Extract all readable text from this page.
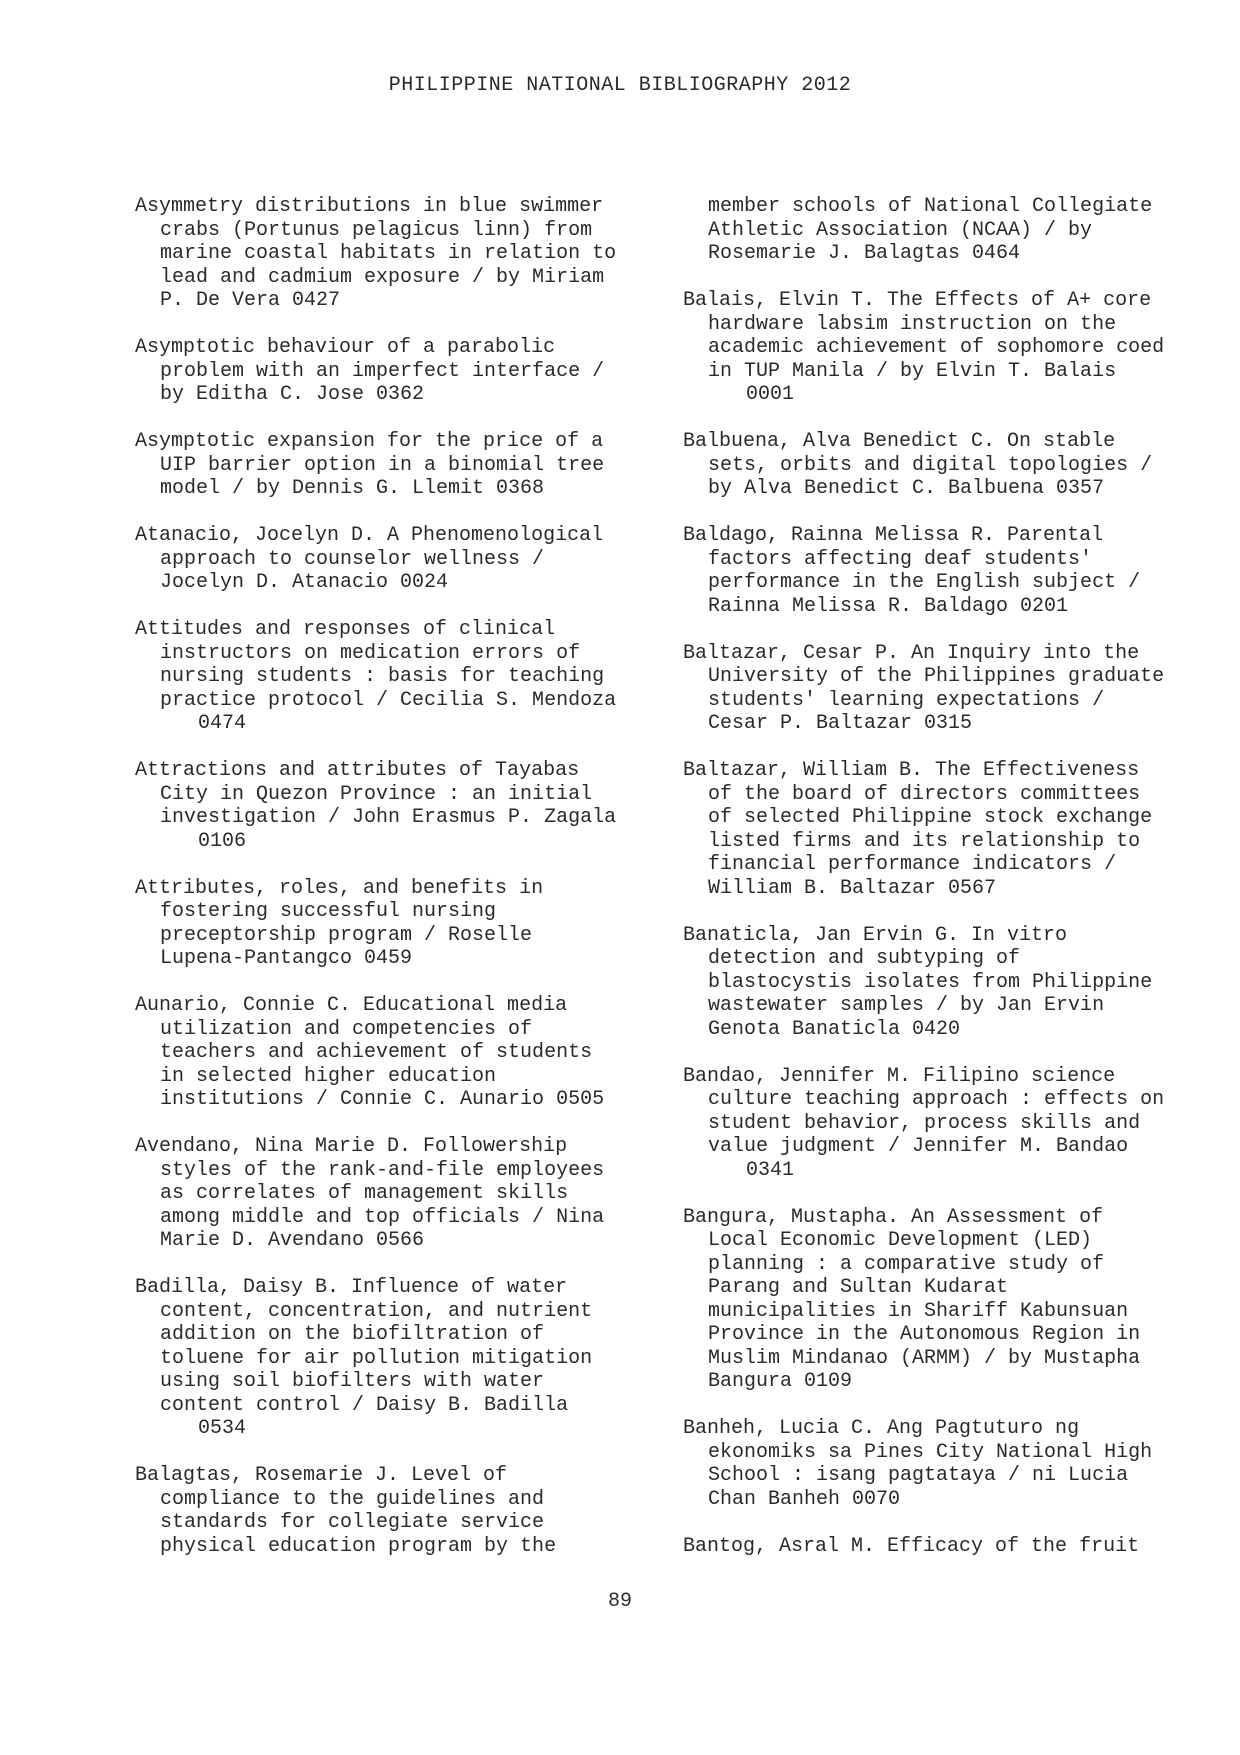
PHILIPPINE NATIONAL BIBLIOGRAPHY 2012
Asymmetry distributions in blue swimmer
crabs (Portunus pelagicus linn) from
marine coastal habitats in relation to
lead and cadmium exposure / by Miriam
P. De Vera 0427
Asymptotic behaviour of a parabolic
problem with an imperfect interface /
by Editha C. Jose 0362
Asymptotic expansion for the price of a
UIP barrier option in a binomial tree
model / by Dennis G. Llemit 0368
Atanacio, Jocelyn D. A Phenomenological
approach to counselor wellness /
Jocelyn D. Atanacio 0024
Attitudes and responses of clinical
instructors on medication errors of
nursing students : basis for teaching
practice protocol / Cecilia S. Mendoza
0474
Attractions and attributes of Tayabas
City in Quezon Province : an initial
investigation / John Erasmus P. Zagala
0106
Attributes, roles, and benefits in
fostering successful nursing
preceptorship program / Roselle
Lupena-Pantangco 0459
Aunario, Connie C. Educational media
utilization and competencies of
teachers and achievement of students
in selected higher education
institutions / Connie C. Aunario 0505
Avendano, Nina Marie D. Followership
styles of the rank-and-file employees
as correlates of management skills
among middle and top officials / Nina
Marie D. Avendano 0566
Badilla, Daisy B. Influence of water
content, concentration, and nutrient
addition on the biofiltration of
toluene for air pollution mitigation
using soil biofilters with water
content control / Daisy B. Badilla
0534
Balagtas, Rosemarie J. Level of
compliance to the guidelines and
standards for collegiate service
physical education program by the
member schools of National Collegiate
Athletic Association (NCAA) / by
Rosemarie J. Balagtas 0464
Balais, Elvin T. The Effects of A+ core
hardware labsim instruction on the
academic achievement of sophomore coed
in TUP Manila / by Elvin T. Balais
0001
Balbuena, Alva Benedict C. On stable
sets, orbits and digital topologies /
by Alva Benedict C. Balbuena 0357
Baldago, Rainna Melissa R. Parental
factors affecting deaf students'
performance in the English subject /
Rainna Melissa R. Baldago 0201
Baltazar, Cesar P. An Inquiry into the
University of the Philippines graduate
students' learning expectations /
Cesar P. Baltazar 0315
Baltazar, William B. The Effectiveness
of the board of directors committees
of selected Philippine stock exchange
listed firms and its relationship to
financial performance indicators /
William B. Baltazar 0567
Banaticla, Jan Ervin G. In vitro
detection and subtyping of
blastocystis isolates from Philippine
wastewater samples / by Jan Ervin
Genota Banaticla 0420
Bandao, Jennifer M. Filipino science
culture teaching approach : effects on
student behavior, process skills and
value judgment / Jennifer M. Bandao
0341
Bangura, Mustapha. An Assessment of
Local Economic Development (LED)
planning : a comparative study of
Parang and Sultan Kudarat
municipalities in Shariff Kabunsuan
Province in the Autonomous Region in
Muslim Mindanao (ARMM) / by Mustapha
Bangura 0109
Banheh, Lucia C. Ang Pagtuturo ng
ekonomiks sa Pines City National High
School : isang pagtataya / ni Lucia
Chan Banheh 0070
Bantog, Asral M. Efficacy of the fruit
89
